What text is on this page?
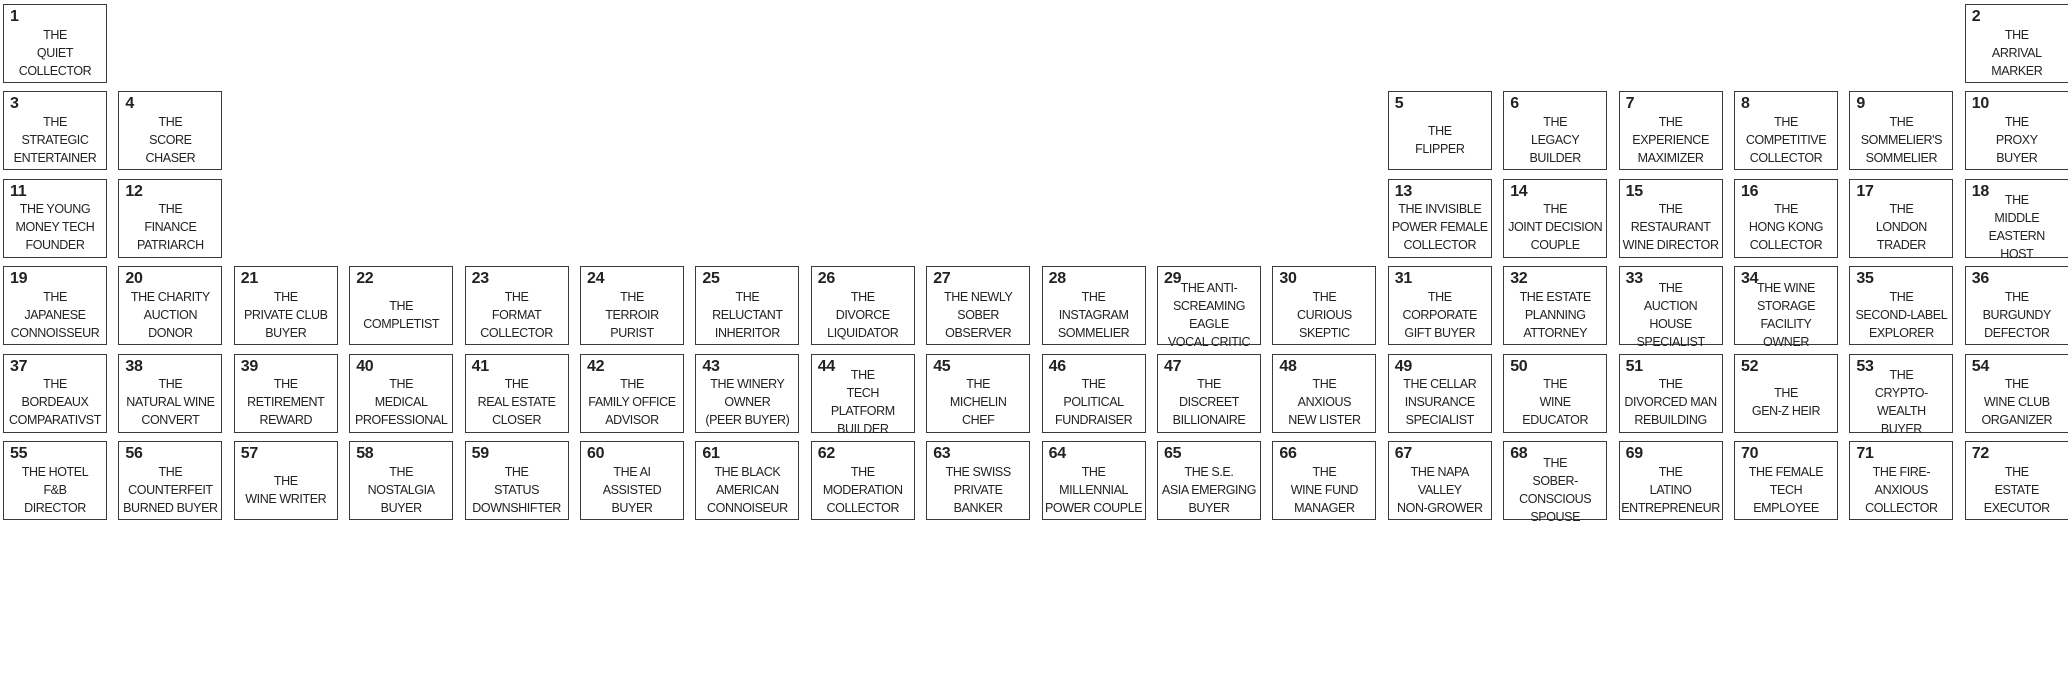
1
THE
QUIET
COLLECTOR
2
THE
ARRIVAL
MARKER
3
THE
STRATEGIC
ENTERTAINER
4
THE
SCORE
CHASER
5
THE
FLIPPER
6
THE
LEGACY
BUILDER
7
THE
EXPERIENCE
MAXIMIZER
8
THE
COMPETITIVE
COLLECTOR
9
THE
SOMMELIER'S
SOMMELIER
10
THE
PROXY
BUYER
11
THE YOUNG
MONEY TECH
FOUNDER
12
THE
FINANCE
PATRIARCH
13
THE INVISIBLE
POWER FEMALE
COLLECTOR
14
THE
JOINT DECISION
COUPLE
15
THE
RESTAURANT
WINE DIRECTOR
16
THE
HONG KONG
COLLECTOR
17
THE
LONDON
TRADER
18
THE
MIDDLE EASTERN
HOST
19
THE
JAPANESE
CONNOISSEUR
20
THE CHARITY
AUCTION
DONOR
21
THE
PRIVATE CLUB
BUYER
22
THE
COMPLETIST
23
THE
FORMAT
COLLECTOR
24
THE
TERROIR
PURIST
25
THE
RELUCTANT
INHERITOR
26
THE
DIVORCE
LIQUIDATOR
27
THE NEWLY
SOBER
OBSERVER
28
THE
INSTAGRAM
SOMMELIER
29
THE ANTI-
SCREAMING EAGLE
VOCAL CRITIC
30
THE
CURIOUS
SKEPTIC
31
THE
CORPORATE
GIFT BUYER
32
THE ESTATE
PLANNING
ATTORNEY
33
THE
AUCTION HOUSE
SPECIALIST
34
THE WINE
STORAGE FACILITY
OWNER
35
THE
SECOND-LABEL
EXPLORER
36
THE
BURGUNDY
DEFECTOR
37
THE
BORDEAUX
COMPARATIVST
38
THE
NATURAL WINE
CONVERT
39
THE
RETIREMENT
REWARD
40
THE
MEDICAL
PROFESSIONAL
41
THE
REAL ESTATE
CLOSER
42
THE
FAMILY OFFICE
ADVISOR
43
THE WINERY
OWNER
(PEER BUYER)
44
THE
TECH PLATFORM
BUILDER
45
THE
MICHELIN
CHEF
46
THE
POLITICAL
FUNDRAISER
47
THE
DISCREET
BILLIONAIRE
48
THE
ANXIOUS
NEW LISTER
49
THE CELLAR
INSURANCE
SPECIALIST
50
THE
WINE
EDUCATOR
51
THE
DIVORCED MAN
REBUILDING
52
THE
GEN-Z HEIR
53
THE
CRYPTO-WEALTH
BUYER
54
THE
WINE CLUB
ORGANIZER
55
THE HOTEL
F&B
DIRECTOR
56
THE
COUNTERFEIT
BURNED BUYER
57
THE
WINE WRITER
58
THE
NOSTALGIA
BUYER
59
THE
STATUS
DOWNSHIFTER
60
THE AI
ASSISTED
BUYER
61
THE BLACK
AMERICAN
CONNOISEUR
62
THE
MODERATION
COLLECTOR
63
THE SWISS
PRIVATE
BANKER
64
THE
MILLENNIAL
POWER COUPLE
65
THE S.E.
ASIA EMERGING
BUYER
66
THE
WINE FUND
MANAGER
67
THE NAPA
VALLEY
NON-GROWER
68
THE
SOBER-CONSCIOUS
SPOUSE
69
THE
LATINO
ENTREPRENEUR
70
THE FEMALE
TECH
EMPLOYEE
71
THE FIRE-
ANXIOUS
COLLECTOR
72
THE
ESTATE
EXECUTOR
